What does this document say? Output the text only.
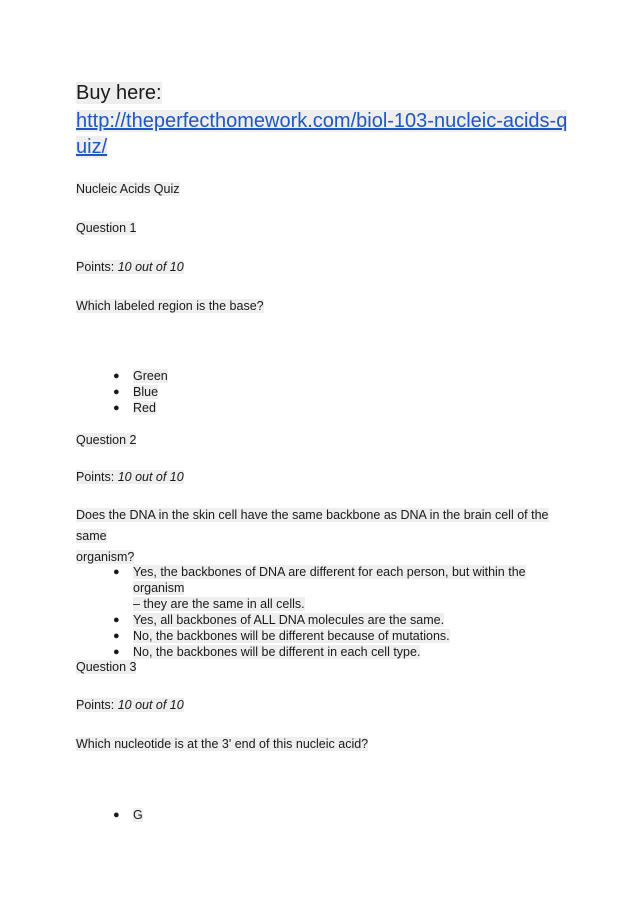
Buy here:
http://theperfecthomework.com/biol-103-nucleic-acids-q
uiz/
Nucleic Acids Quiz
Question 1
Points: 10 out of 10
Which labeled region is the base?
● Green
● Blue
● Red
Question 2
Points: 10 out of 10
Does the DNA in the skin cell have the same backbone as DNA in the brain cell of the same
organism?
● Yes, the backbones of DNA are different for each person, but within the organism
– they are the same in all cells.
● Yes, all backbones of ALL DNA molecules are the same.
● No, the backbones will be different because of mutations.
● No, the backbones will be different in each cell type.
Question 3
Points: 10 out of 10
Which nucleotide is at the 3' end of this nucleic acid?
● G
